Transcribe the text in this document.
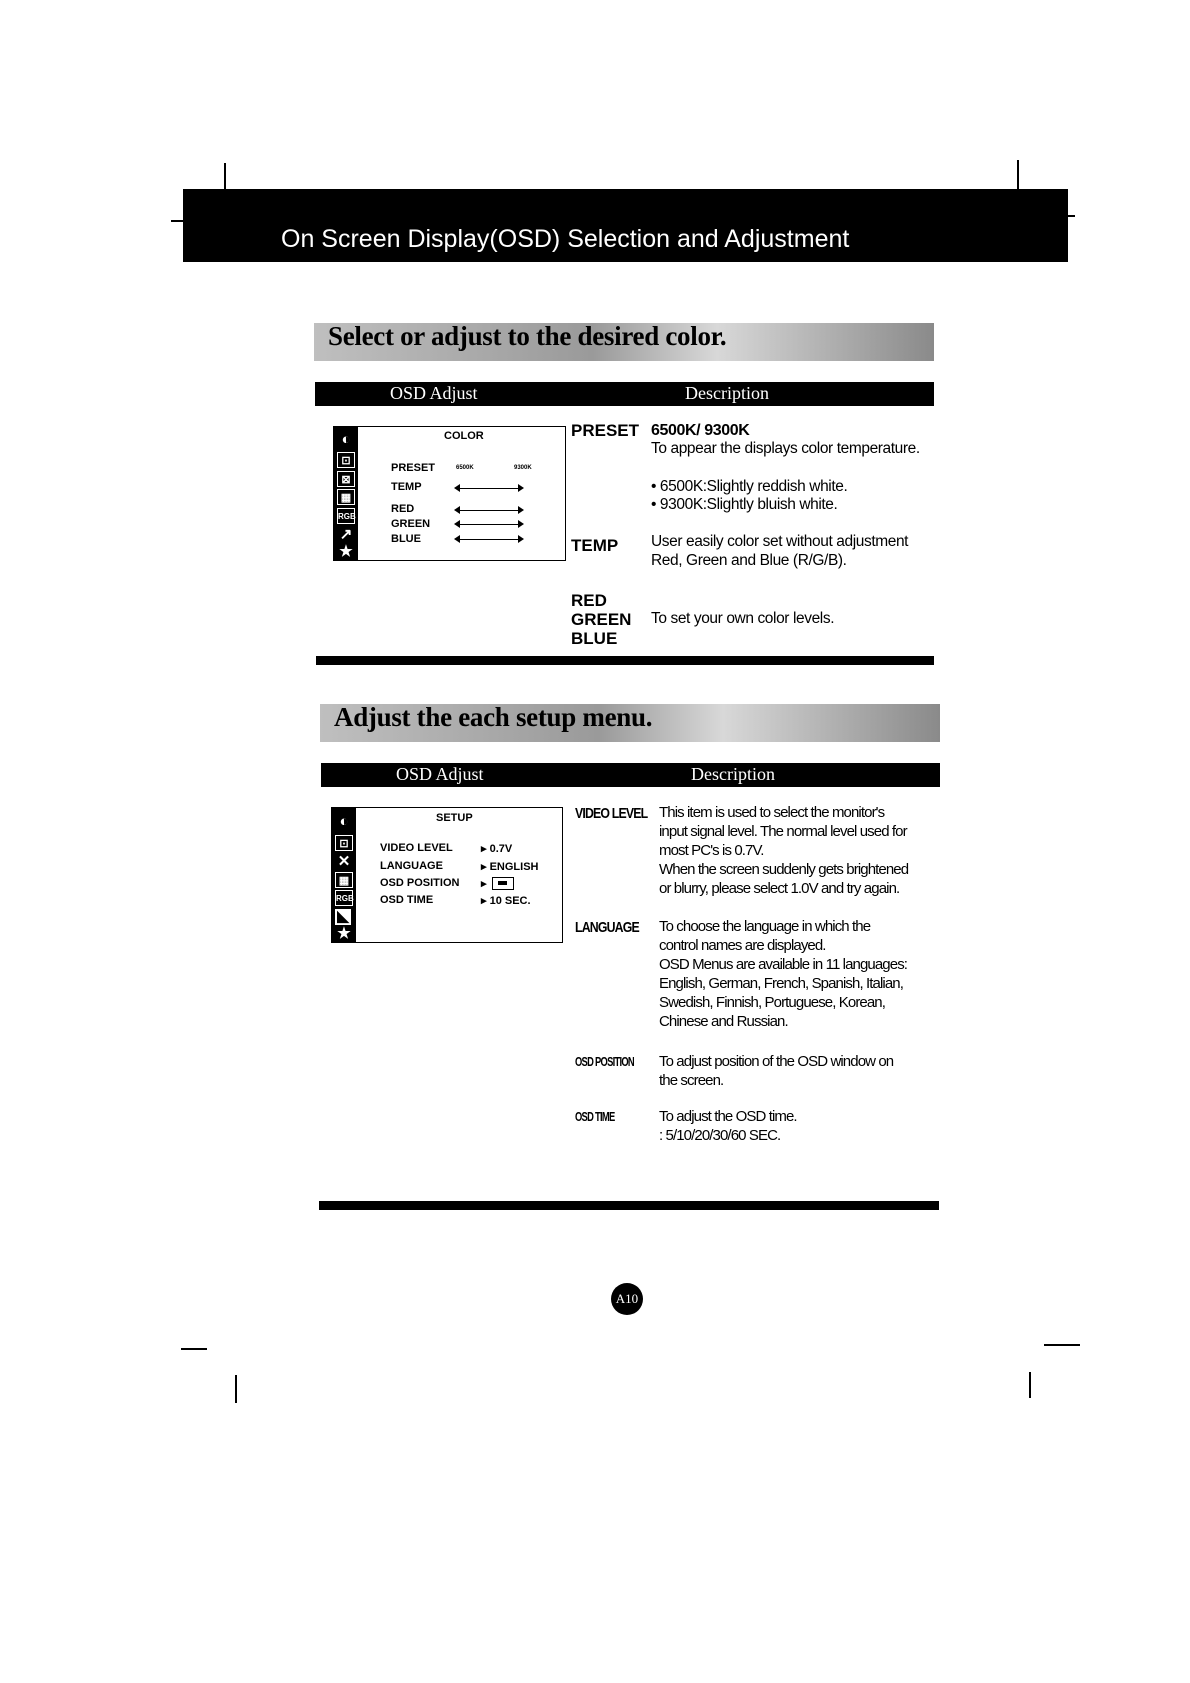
On Screen Display(OSD) Selection and Adjustment
Select or adjust to the desired color.
OSD Adjust	Description
◐
⊡
⊠
▦
RGB
↗
★
COLOR
PRESET	6500K	9300K
TEMP
RED
GREEN
BLUE
PRESET 6500K/ 9300K
To appear the displays color temperature.
• 6500K:Slightly reddish white.
• 9300K:Slightly bluish white.
TEMP User easily color set without adjustment
Red, Green and Blue (R/G/B).
RED
GREEN
BLUE
To set your own color levels.
Adjust the each setup menu.
OSD Adjust	Description
◐
⊡
✕
▦
RGB
◣
★
SETUP
VIDEO LEVEL	▸ 0.7V
LANGUAGE	▸ ENGLISH
OSD POSITION ▸
OSD TIME	▸ 10 SEC.
VIDEO LEVEL This item is used to select the monitor's
input signal level. The normal level used for
most PC's is 0.7V.
When the screen suddenly gets brightened
or blurry, please select 1.0V and try again.
LANGUAGE To choose the language in which the
control names are displayed.
OSD Menus are available in 11 languages:
English, German, French, Spanish, Italian,
Swedish, Finnish, Portuguese, Korean,
Chinese and Russian.
OSD POSITION To adjust position of the OSD window on
the screen.
OSD TIME	To adjust the OSD time.
: 5/10/20/30/60 SEC.
A10
